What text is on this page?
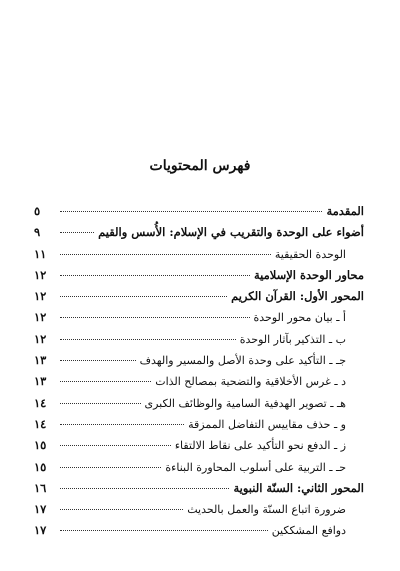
فهرس المحتويات
المقدمة
٥
أضواء على الوحدة والتقريب في الإسلام: الأُسس والقيم
٩
الوحدة الحقيقية
١١
محاور الوحدة الإسلامية
١٢
المحور الأول: القرآن الكريم
١٢
أ ـ بيان محور الوحدة
١٢
ب ـ التذكير بآثار الوحدة
١٢
جـ ـ التأكيد على وحدة الأصل والمسير والهدف
١٣
د ـ غرس الأخلاقية والتضحية بمصالح الذات
١٣
هـ ـ تصوير الهدفية السامية والوظائف الكبرى
١٤
و ـ حذف مقاييس التفاضل الممزقة
١٤
ز ـ الدفع نحو التأكيد على نقاط الالتقاء
١٥
حـ ـ التربية على أسلوب المحاورة البناءة
١٥
المحور الثاني: السنّة النبوية
١٦
ضرورة اتباع السنّة والعمل بالحديث
١٧
دوافع المشككين
١٧
